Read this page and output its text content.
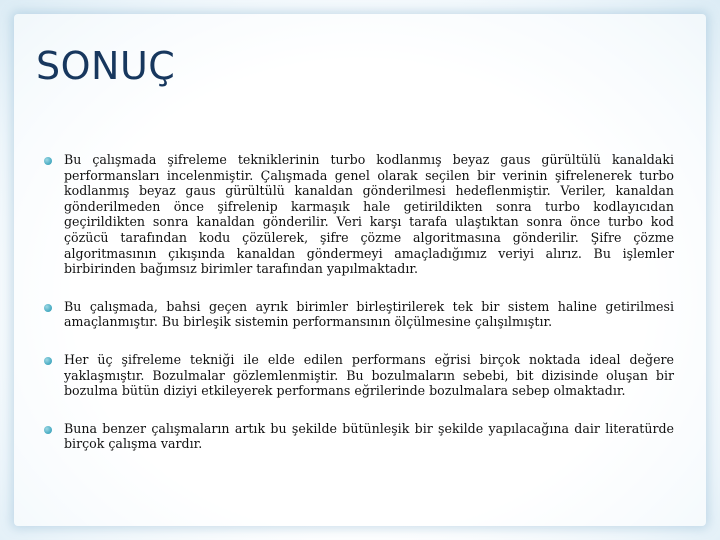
SONUÇ
Bu çalışmada şifreleme tekniklerinin turbo kodlanmış beyaz gaus gürültülü kanaldaki performansları incelenmiştir. Çalışmada genel olarak seçilen bir verinin şifrelenerek turbo kodlanmış beyaz gaus gürültülü kanaldan gönderilmesi hedeflenmiştir. Veriler, kanaldan gönderilmeden önce şifrelenip karmaşık hale getirildikten sonra turbo kodlayıcıdan geçirildikten sonra kanaldan gönderilir. Veri karşı tarafa ulaştıktan sonra önce turbo kod çözücü tarafından kodu çözülerek, şifre çözme algoritmasına gönderilir. Şifre çözme algoritmasının çıkışında kanaldan göndermeyi amaçladığımız veriyi alırız. Bu işlemler birbirinden bağımsız birimler tarafından yapılmaktadır.
Bu çalışmada, bahsi geçen ayrık birimler birleştirilerek tek bir sistem haline getirilmesi amaçlanmıştır. Bu birleşik sistemin performansının ölçülmesine çalışılmıştır.
Her üç şifreleme tekniği ile elde edilen performans eğrisi birçok noktada ideal değere yaklaşmıştır. Bozulmalar gözlemlenmiştir. Bu bozulmaların sebebi, bit dizisinde oluşan bir bozulma bütün diziyi etkileyerek performans eğrilerinde bozulmalara sebep olmaktadır.
Buna benzer çalışmaların artık bu şekilde bütünleşik bir şekilde yapılacağına dair literatürde birçok çalışma vardır.
